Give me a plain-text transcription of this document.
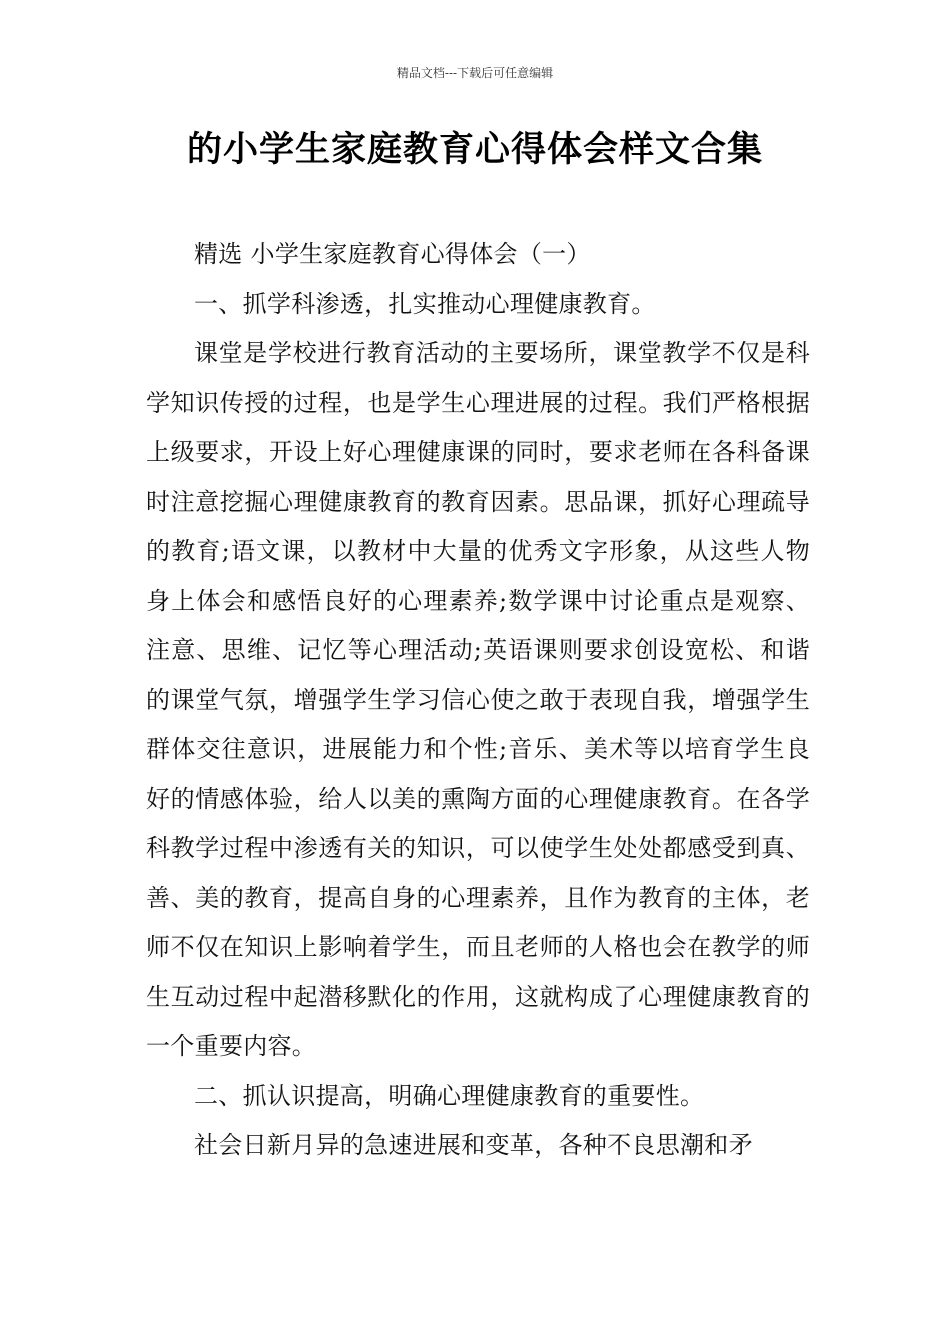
精品文档---下载后可任意编辑
的小学生家庭教育心得体会样文合集

精选 小学生家庭教育心得体会（一）

一、抓学科渗透，扎实推动心理健康教育。

课堂是学校进行教育活动的主要场所，课堂教学不仅是科学知识传授的过程，也是学生心理进展的过程。我们严格根据上级要求，开设上好心理健康课的同时，要求老师在各科备课时注意挖掘心理健康教育的教育因素。思品课，抓好心理疏导的教育;语文课，以教材中大量的优秀文字形象，从这些人物身上体会和感悟良好的心理素养;数学课中讨论重点是观察、注意、思维、记忆等心理活动;英语课则要求创设宽松、和谐的课堂气氛，增强学生学习信心使之敢于表现自我，增强学生群体交往意识，进展能力和个性;音乐、美术等以培育学生良好的情感体验，给人以美的熏陶方面的心理健康教育。在各学科教学过程中渗透有关的知识，可以使学生处处都感受到真、善、美的教育，提高自身的心理素养，且作为教育的主体，老师不仅在知识上影响着学生，而且老师的人格也会在教学的师生互动过程中起潜移默化的作用，这就构成了心理健康教育的一个重要内容。

二、抓认识提高，明确心理健康教育的重要性。

社会日新月异的急速进展和变革，各种不良思潮和矛
